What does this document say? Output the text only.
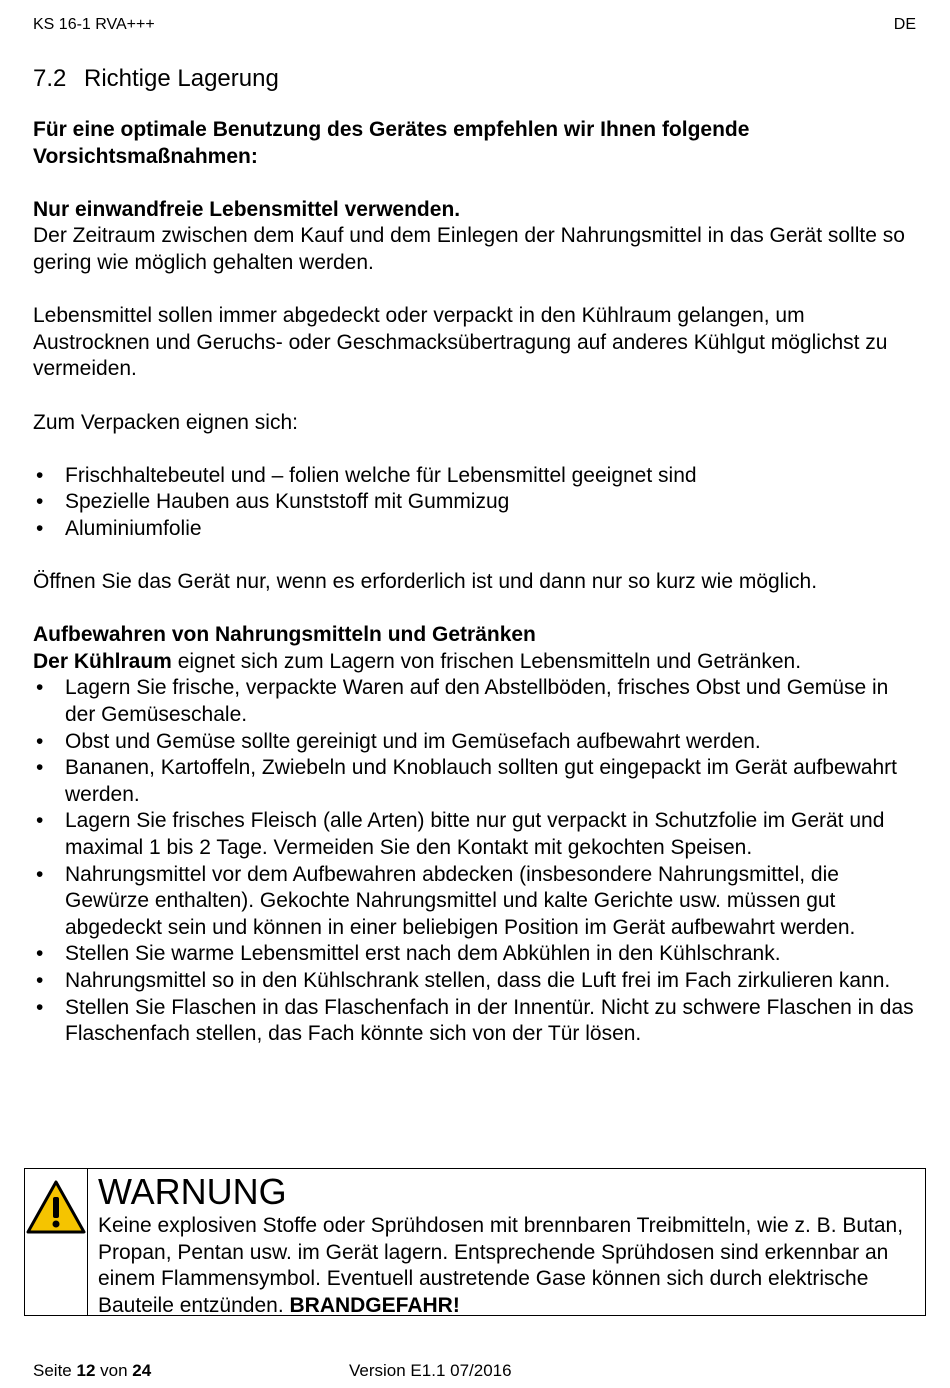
KS 16-1 RVA+++	DE
7.2 Richtige Lagerung

Für eine optimale Benutzung des Gerätes empfehlen wir Ihnen folgende Vorsichtsmaßnahmen:

Nur einwandfreie Lebensmittel verwenden.

Der Zeitraum zwischen dem Kauf und dem Einlegen der Nahrungsmittel in das Gerät sollte so gering wie möglich gehalten werden.

Lebensmittel sollen immer abgedeckt oder verpackt in den Kühlraum gelangen, um Austrocknen und Geruchs- oder Geschmacksübertragung auf anderes Kühlgut möglichst zu vermeiden.

Zum Verpacken eignen sich:

• Frischhaltebeutel und – folien welche für Lebensmittel geeignet sind
• Spezielle Hauben aus Kunststoff mit Gummizug
• Aluminiumfolie

Öffnen Sie das Gerät nur, wenn es erforderlich ist und dann nur so kurz wie möglich.

Aufbewahren von Nahrungsmitteln und Getränken

Der Kühlraum eignet sich zum Lagern von frischen Lebensmitteln und Getränken.

• Lagern Sie frische, verpackte Waren auf den Abstellböden, frisches Obst und Gemüse in der Gemüseschale.
• Obst und Gemüse sollte gereinigt und im Gemüsefach aufbewahrt werden.
• Bananen, Kartoffeln, Zwiebeln und Knoblauch sollten gut eingepackt im Gerät aufbewahrt werden.
• Lagern Sie frisches Fleisch (alle Arten) bitte nur gut verpackt in Schutzfolie im Gerät und maximal 1 bis 2 Tage. Vermeiden Sie den Kontakt mit gekochten Speisen.
• Nahrungsmittel vor dem Aufbewahren abdecken (insbesondere Nahrungsmittel, die Gewürze enthalten). Gekochte Nahrungsmittel und kalte Gerichte usw. müssen gut abgedeckt sein und können in einer beliebigen Position im Gerät aufbewahrt werden.
• Stellen Sie warme Lebensmittel erst nach dem Abkühlen in den Kühlschrank.
• Nahrungsmittel so in den Kühlschrank stellen, dass die Luft frei im Fach zirkulieren kann.
• Stellen Sie Flaschen in das Flaschenfach in der Innentür. Nicht zu schwere Flaschen in das Flaschenfach stellen, das Fach könnte sich von der Tür lösen.

WARNUNG

Keine explosiven Stoffe oder Sprühdosen mit brennbaren Treibmitteln, wie z. B. Butan, Propan, Pentan usw. im Gerät lagern. Entsprechende Sprühdosen sind erkennbar an einem Flammensymbol. Eventuell austretende Gase können sich durch elektrische Bauteile entzünden. BRANDGEFAHR!

Seite 12 von 24	Version E1.1 07/2016
